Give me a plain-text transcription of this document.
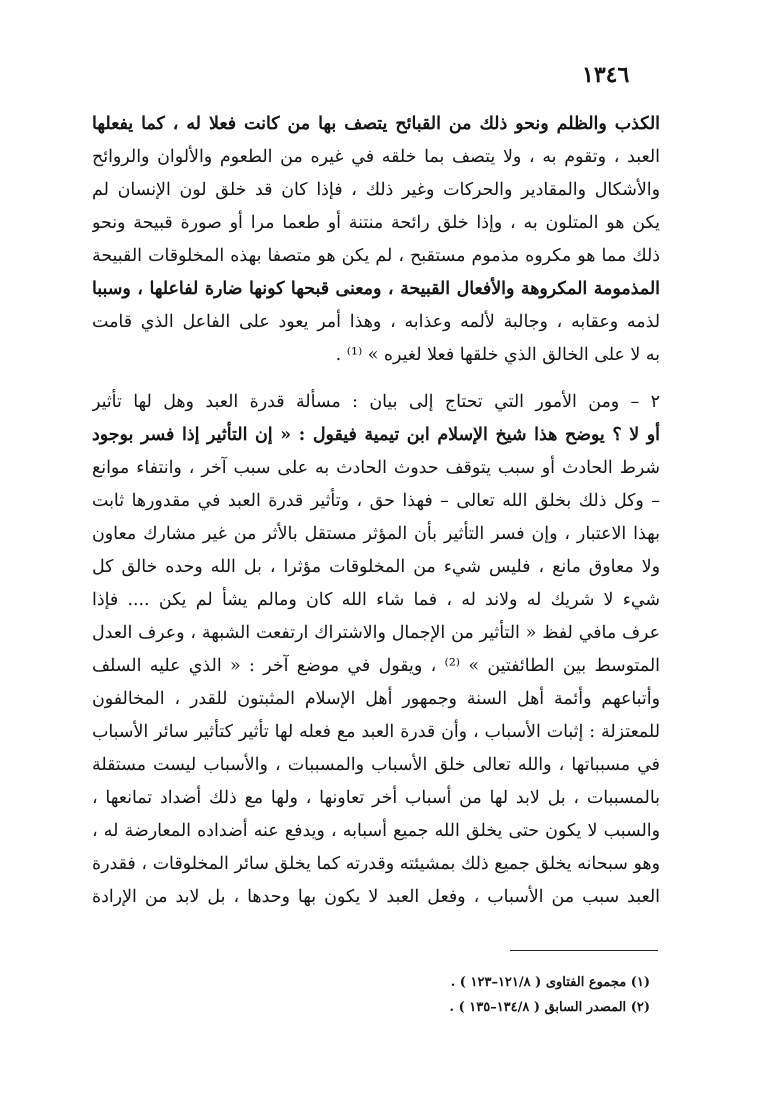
١٣٤٦
الكذب والظلم ونحو ذلك من القبائح يتصف بها من كانت فعلا له ، كما يفعلها
العبد ، وتقوم به ، ولا يتصف بما خلقه في غيره من الطعوم والألوان والروائح
والأشكال والمقادير والحركات وغير ذلك ، فإذا كان قد خلق لون الإنسان لم
يكن هو المتلون به ، وإذا خلق رائحة منتنة أو طعما مرا أو صورة قبيحة ونحو
ذلك مما هو مكروه مذموم مستقبح ، لم يكن هو متصفا بهذه المخلوقات القبيحة
المذمومة المكروهة والأفعال القبيحة ، ومعنى قبحها كونها ضارة لفاعلها ، وسببا
لذمه وعقابه ، وجالبة لألمه وعذابه ، وهذا أمر يعود على الفاعل الذي قامت
به لا على الخالق الذي خلقها فعلا لغيره » ⁽¹⁾ .
٢ – ومن الأمور التي تحتاج إلى بيان : مسألة قدرة العبد وهل لها تأثير
أو لا ؟ يوضح هذا شيخ الإسلام ابن تيمية فيقول : « إن التأثير إذا فسر بوجود
شرط الحادث أو سبب يتوقف حدوث الحادث به على سبب آخر ، وانتفاء موانع
– وكل ذلك بخلق الله تعالى – فهذا حق ، وتأثير قدرة العبد في مقدورها ثابت
بهذا الاعتبار ، وإن فسر التأثير بأن المؤثر مستقل بالأثر من غير مشارك معاون
ولا معاوق مانع ، فليس شيء من المخلوقات مؤثرا ، بل الله وحده خالق كل
شيء لا شريك له ولاند له ، فما شاء الله كان ومالم يشأ لم يكن .... فإذا
عرف مافي لفظ « التأثير من الإجمال والاشتراك ارتفعت الشبهة ، وعرف العدل
المتوسط بين الطائفتين » ⁽²⁾ ، ويقول في موضع آخر : « الذي عليه السلف
وأتباعهم وأئمة أهل السنة وجمهور أهل الإسلام المثبتون للقدر ، المخالفون
للمعتزلة : إثبات الأسباب ، وأن قدرة العبد مع فعله لها تأثير كتأثير سائر الأسباب
في مسبباتها ، والله تعالى خلق الأسباب والمسببات ، والأسباب ليست مستقلة
بالمسببات ، بل لابد لها من أسباب أخر تعاونها ، ولها مع ذلك أضداد تمانعها ،
والسبب لا يكون حتى يخلق الله جميع أسبابه ، ويدفع عنه أضداده المعارضة له ،
وهو سبحانه يخلق جميع ذلك بمشيئته وقدرته كما يخلق سائر المخلوقات ، فقدرة
العبد سبب من الأسباب ، وفعل العبد لا يكون بها وحدها ، بل لابد من الإرادة
(١) مجموع الفتاوى ( ١٢١/٨–١٢٣ ) .
(٢) المصدر السابق ( ١٣٤/٨–١٣٥ ) .
